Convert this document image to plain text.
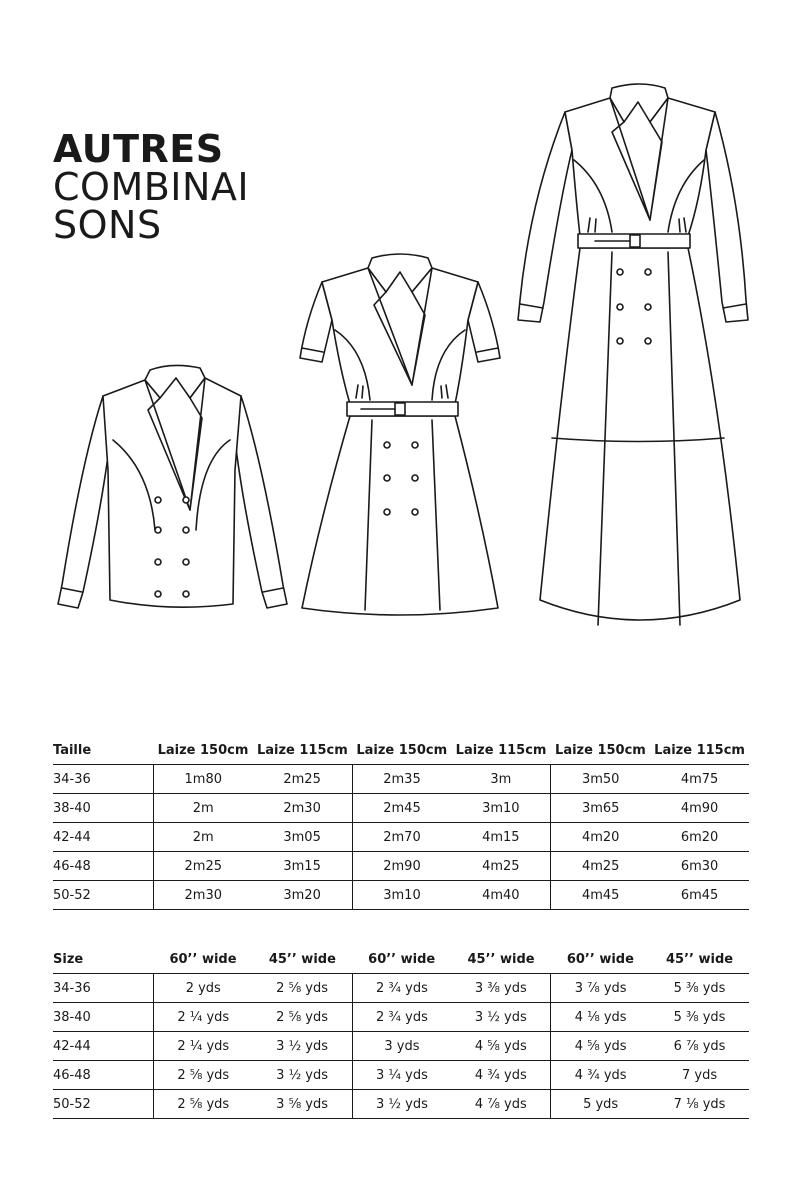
AUTRES
COMBINAI
SONS
Taille	Laize 150cm	Laize 115cm	Laize 150cm	Laize 115cm	Laize 150cm	Laize 115cm
34-36	1m80	2m25	2m35	3m	3m50	4m75
38-40	2m	2m30	2m45	3m10	3m65	4m90
42-44	2m	3m05	2m70	4m15	4m20	6m20
46-48	2m25	3m15	2m90	4m25	4m25	6m30
50-52	2m30	3m20	3m10	4m40	4m45	6m45
Size	60’’ wide	45’’ wide	60’’ wide	45’’ wide	60’’ wide	45’’ wide
34-36	2 yds	2 ⅝ yds	2 ¾ yds	3 ⅜ yds	3 ⅞ yds	5 ⅜ yds
38-40	2 ¼ yds	2 ⅝ yds	2 ¾ yds	3 ½ yds	4 ⅛ yds	5 ⅜ yds
42-44	2 ¼ yds	3 ½ yds	3 yds	4 ⅝ yds	4 ⅝ yds	6 ⅞ yds
46-48	2 ⅝ yds	3 ½ yds	3 ¼ yds	4 ¾ yds	4 ¾ yds	7 yds
50-52	2 ⅝ yds	3 ⅝ yds	3 ½ yds	4 ⅞ yds	5 yds	7 ⅛ yds
